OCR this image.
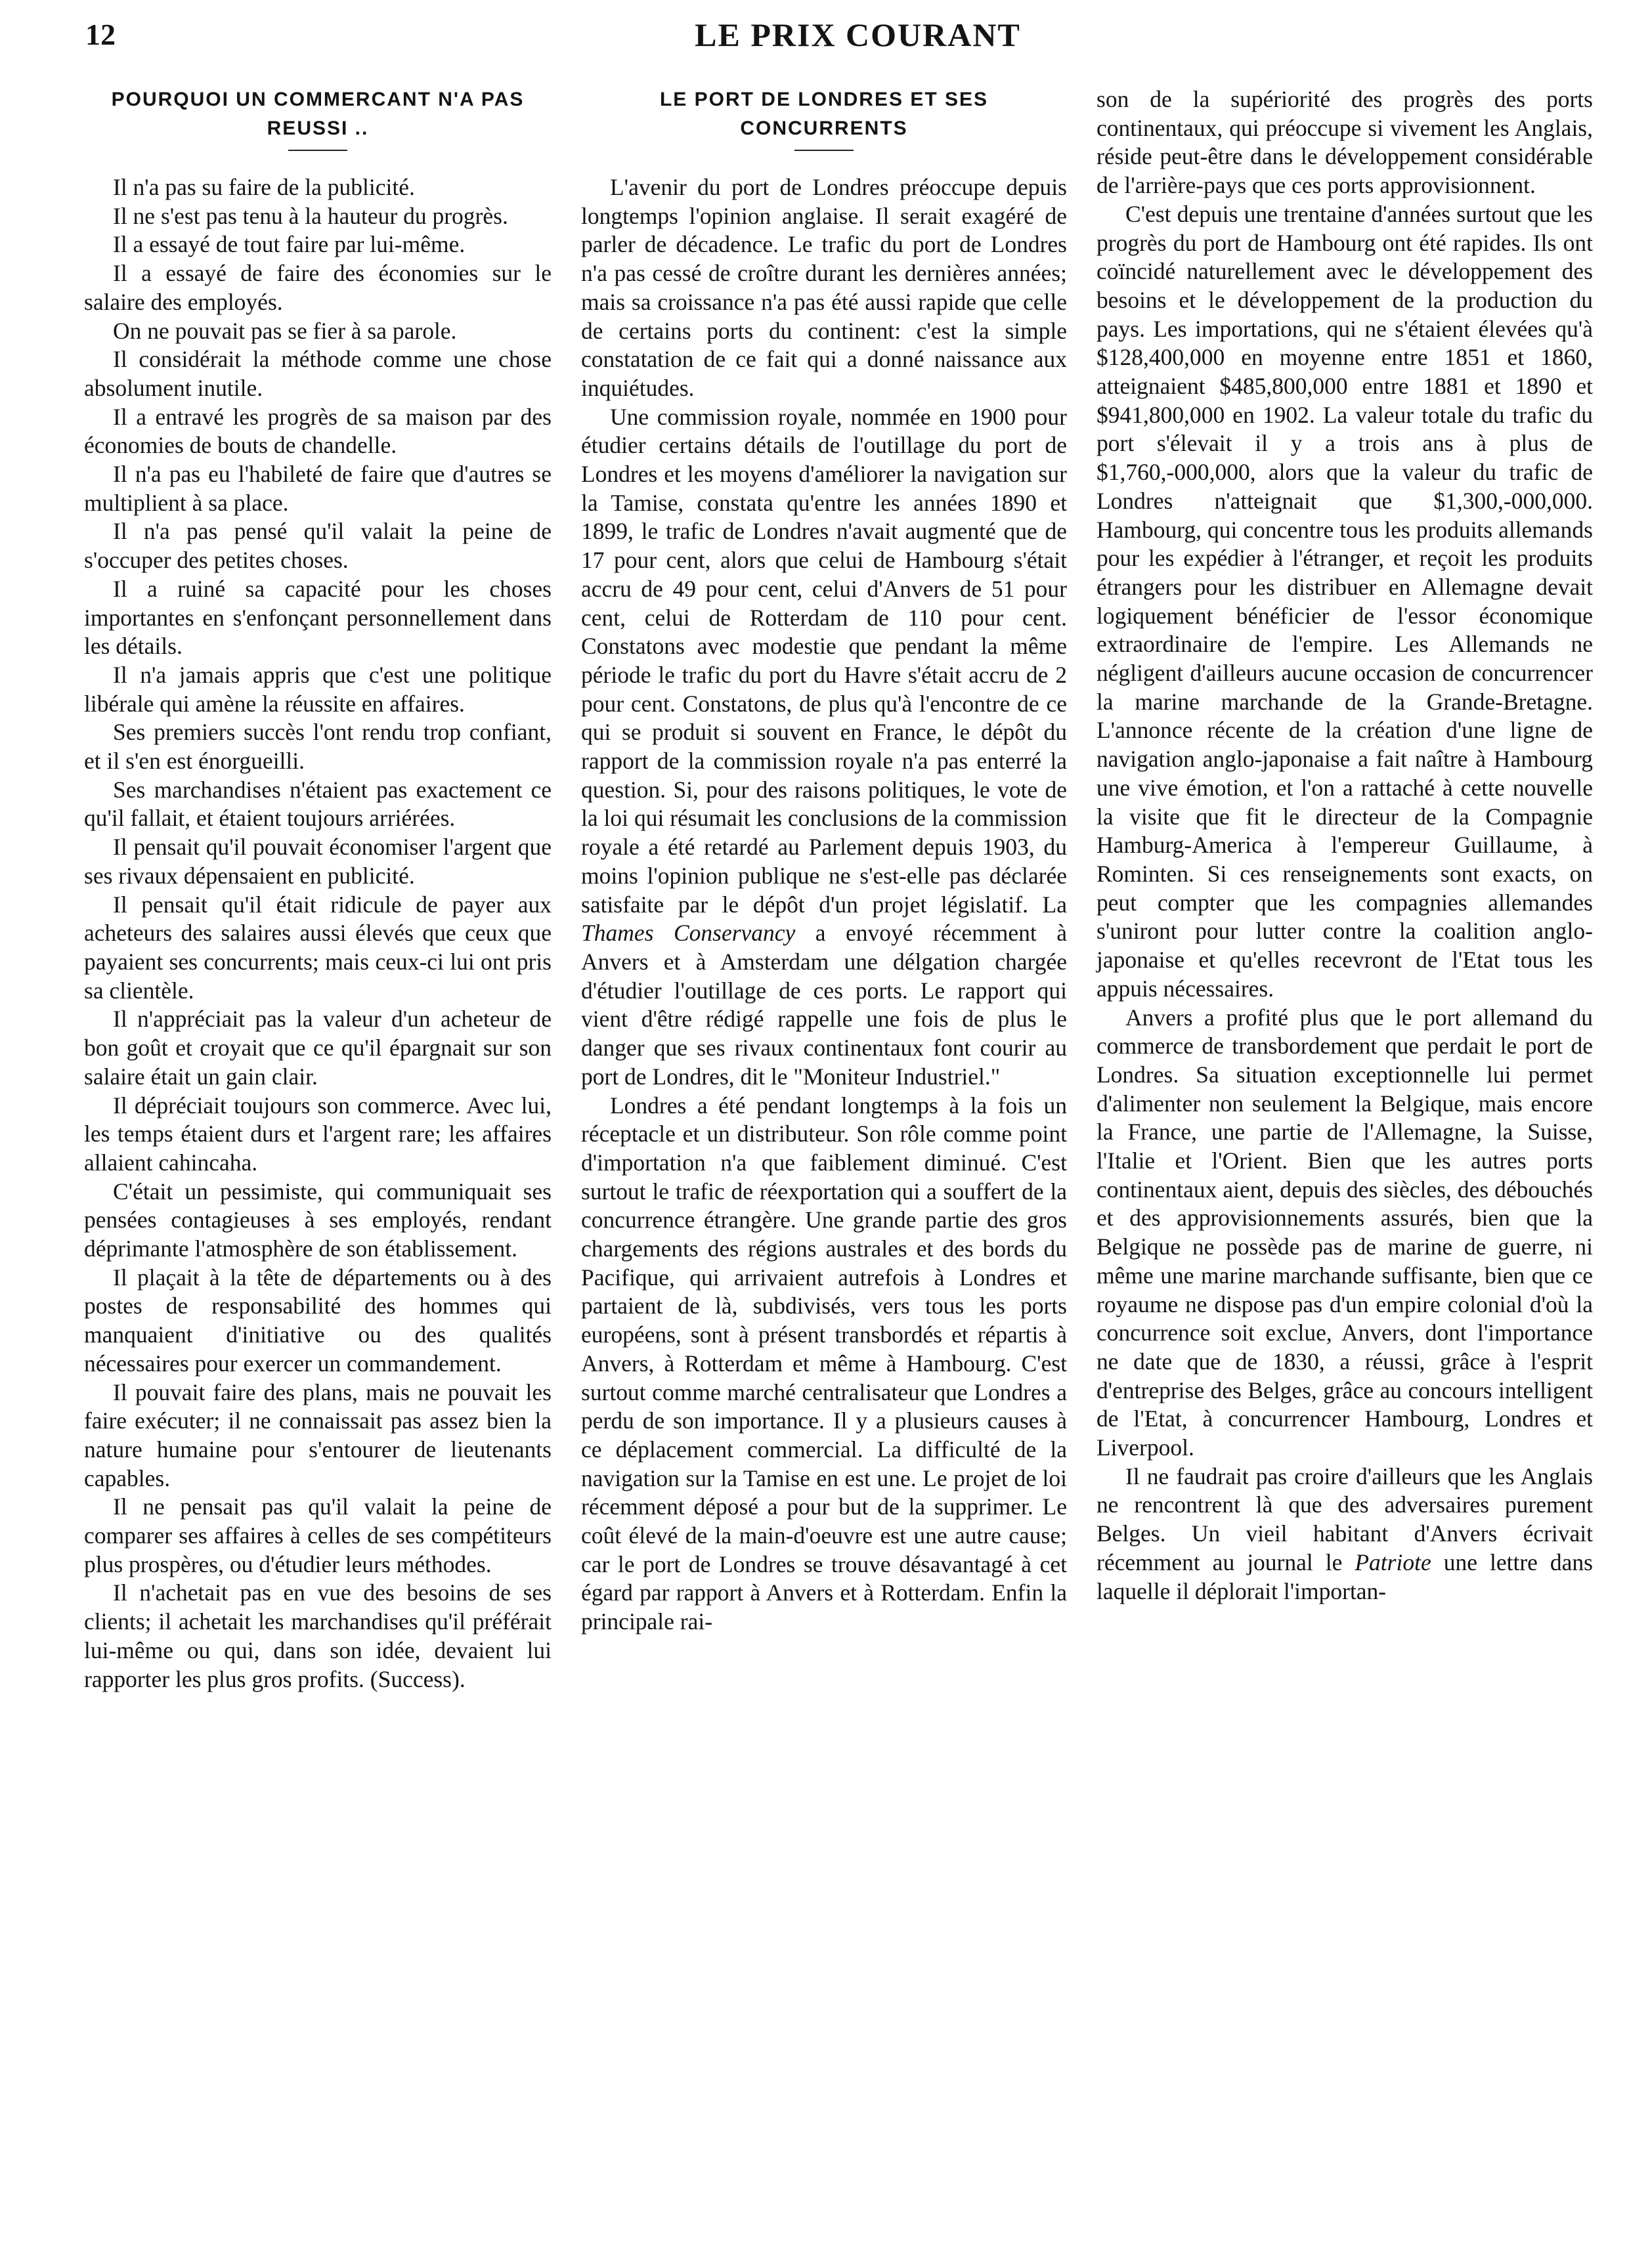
12	LE PRIX COURANT
POURQUOI UN COMMERCANT N'A PAS REUSSI ..

Il n'a pas su faire de la publicité.

Il ne s'est pas tenu à la hauteur du progrès.

Il a essayé de tout faire par lui-même.

Il a essayé de faire des économies sur le salaire des employés.

On ne pouvait pas se fier à sa parole.

Il considérait la méthode comme une chose absolument inutile.

Il a entravé les progrès de sa maison par des économies de bouts de chandelle.

Il n'a pas eu l'habileté de faire que d'autres se multiplient à sa place.

Il n'a pas pensé qu'il valait la peine de s'occuper des petites choses.

Il a ruiné sa capacité pour les choses importantes en s'enfonçant personnellement dans les détails.

Il n'a jamais appris que c'est une politique libérale qui amène la réussite en affaires.

Ses premiers succès l'ont rendu trop confiant, et il s'en est énorgueilli.

Ses marchandises n'étaient pas exactement ce qu'il fallait, et étaient toujours arriérées.

Il pensait qu'il pouvait économiser l'argent que ses rivaux dépensaient en publicité.

Il pensait qu'il était ridicule de payer aux acheteurs des salaires aussi élevés que ceux que payaient ses concurrents; mais ceux-ci lui ont pris sa clientèle.

Il n'appréciait pas la valeur d'un acheteur de bon goût et croyait que ce qu'il épargnait sur son salaire était un gain clair.

Il dépréciait toujours son commerce. Avec lui, les temps étaient durs et l'argent rare; les affaires allaient cahincaha.

C'était un pessimiste, qui communiquait ses pensées contagieuses à ses employés, rendant déprimante l'atmosphère de son établissement.

Il plaçait à la tête de départements ou à des postes de responsabilité des hommes qui manquaient d'initiative ou des qualités nécessaires pour exercer un commandement.

Il pouvait faire des plans, mais ne pouvait les faire exécuter; il ne connaissait pas assez bien la nature humaine pour s'entourer de lieutenants capables.

Il ne pensait pas qu'il valait la peine de comparer ses affaires à celles de ses compétiteurs plus prospères, ou d'étudier leurs méthodes.

Il n'achetait pas en vue des besoins de ses clients; il achetait les marchandises qu'il préférait lui-même ou qui, dans son idée, devaient lui rapporter les plus gros profits. (Success).

LE PORT DE LONDRES ET SES CONCURRENTS

L'avenir du port de Londres préoccupe depuis longtemps l'opinion anglaise. Il serait exagéré de parler de décadence. Le trafic du port de Londres n'a pas cessé de croître durant les dernières années; mais sa croissance n'a pas été aussi rapide que celle de certains ports du continent: c'est la simple constatation de ce fait qui a donné naissance aux inquiétudes.

Une commission royale, nommée en 1900 pour étudier certains détails de l'outillage du port de Londres et les moyens d'améliorer la navigation sur la Tamise, constata qu'entre les années 1890 et 1899, le trafic de Londres n'avait augmenté que de 17 pour cent, alors que celui de Hambourg s'était accru de 49 pour cent, celui d'Anvers de 51 pour cent, celui de Rotterdam de 110 pour cent. Constatons avec modestie que pendant la même période le trafic du port du Havre s'était accru de 2 pour cent. Constatons, de plus qu'à l'encontre de ce qui se produit si souvent en France, le dépôt du rapport de la commission royale n'a pas enterré la question. Si, pour des raisons politiques, le vote de la loi qui résumait les conclusions de la commission royale a été retardé au Parlement depuis 1903, du moins l'opinion publique ne s'est-elle pas déclarée satisfaite par le dépôt d'un projet législatif. La Thames Conservancy a envoyé récemment à Anvers et à Amsterdam une délgation chargée d'étudier l'outillage de ces ports. Le rapport qui vient d'être rédigé rappelle une fois de plus le danger que ses rivaux continentaux font courir au port de Londres, dit le "Moniteur Industriel."

Londres a été pendant longtemps à la fois un réceptacle et un distributeur. Son rôle comme point d'importation n'a que faiblement diminué. C'est surtout le trafic de réexportation qui a souffert de la concurrence étrangère. Une grande partie des gros chargements des régions australes et des bords du Pacifique, qui arrivaient autrefois à Londres et partaient de là, subdivisés, vers tous les ports européens, sont à présent transbordés et répartis à Anvers, à Rotterdam et même à Hambourg. C'est surtout comme marché centralisateur que Londres a perdu de son importance. Il y a plusieurs causes à ce déplacement commercial. La difficulté de la navigation sur la Tamise en est une. Le projet de loi récemment déposé a pour but de la supprimer. Le coût élevé de la main-d'oeuvre est une autre cause; car le port de Londres se trouve désavantagé à cet égard par rapport à Anvers et à Rotterdam. Enfin la principale rai-

son de la supériorité des progrès des ports continentaux, qui préoccupe si vivement les Anglais, réside peut-être dans le développement considérable de l'arrière-pays que ces ports approvisionnent.

C'est depuis une trentaine d'années surtout que les progrès du port de Hambourg ont été rapides. Ils ont coïncidé naturellement avec le développement des besoins et le développement de la production du pays. Les importations, qui ne s'étaient élevées qu'à $128,400,000 en moyenne entre 1851 et 1860, atteignaient $485,800,000 entre 1881 et 1890 et $941,800,000 en 1902. La valeur totale du trafic du port s'élevait il y a trois ans à plus de $1,760,-000,000, alors que la valeur du trafic de Londres n'atteignait que $1,300,-000,000. Hambourg, qui concentre tous les produits allemands pour les expédier à l'étranger, et reçoit les produits étrangers pour les distribuer en Allemagne devait logiquement bénéficier de l'essor économique extraordinaire de l'empire. Les Allemands ne négligent d'ailleurs aucune occasion de concurrencer la marine marchande de la Grande-Bretagne. L'annonce récente de la création d'une ligne de navigation anglo-japonaise a fait naître à Hambourg une vive émotion, et l'on a rattaché à cette nouvelle la visite que fit le directeur de la Compagnie Hamburg-America à l'empereur Guillaume, à Rominten. Si ces renseignements sont exacts, on peut compter que les compagnies allemandes s'uniront pour lutter contre la coalition anglo-japonaise et qu'elles recevront de l'Etat tous les appuis nécessaires.

Anvers a profité plus que le port allemand du commerce de transbordement que perdait le port de Londres. Sa situation exceptionnelle lui permet d'alimenter non seulement la Belgique, mais encore la France, une partie de l'Allemagne, la Suisse, l'Italie et l'Orient. Bien que les autres ports continentaux aient, depuis des siècles, des débouchés et des approvisionnements assurés, bien que la Belgique ne possède pas de marine de guerre, ni même une marine marchande suffisante, bien que ce royaume ne dispose pas d'un empire colonial d'où la concurrence soit exclue, Anvers, dont l'importance ne date que de 1830, a réussi, grâce à l'esprit d'entreprise des Belges, grâce au concours intelligent de l'Etat, à concurrencer Hambourg, Londres et Liverpool.

Il ne faudrait pas croire d'ailleurs que les Anglais ne rencontrent là que des adversaires purement Belges. Un vieil habitant d'Anvers écrivait récemment au journal le Patriote une lettre dans laquelle il déplorait l'importan-
